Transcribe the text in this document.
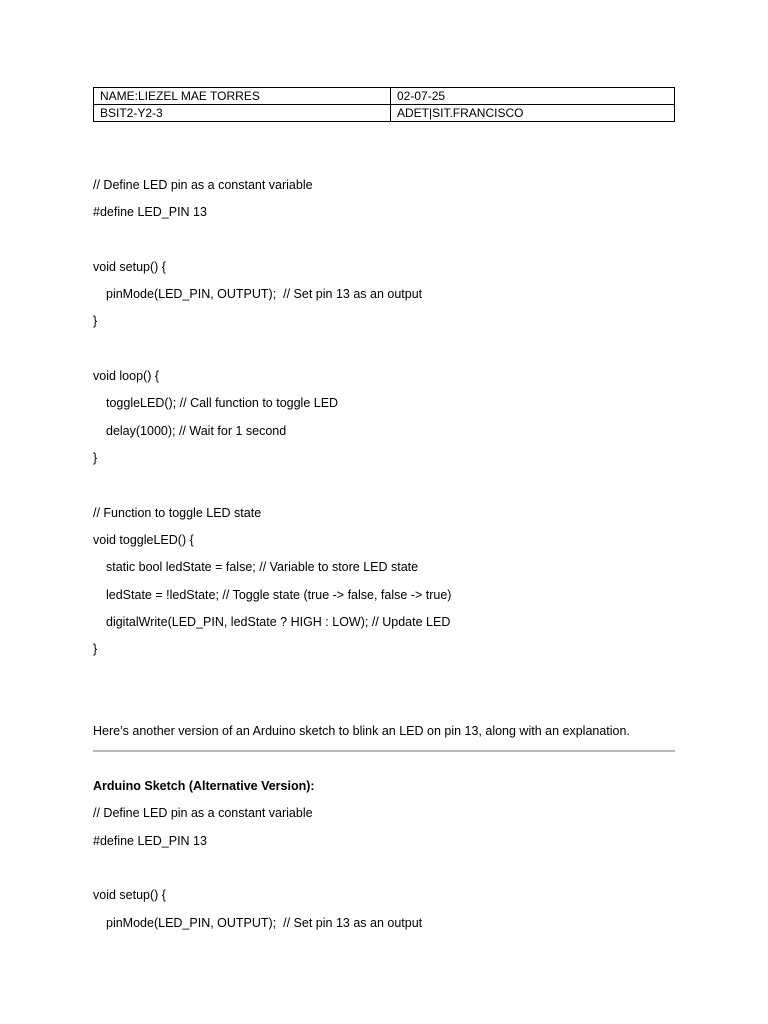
NAME:LIEZEL MAE TORRES	02-07-25
BSIT2-Y2-3	ADET|SIT.FRANCISCO
// Define LED pin as a constant variable
#define LED_PIN 13
void setup() {
pinMode(LED_PIN, OUTPUT);  // Set pin 13 as an output
}
void loop() {
toggleLED(); // Call function to toggle LED
delay(1000); // Wait for 1 second
}
// Function to toggle LED state
void toggleLED() {
static bool ledState = false; // Variable to store LED state
ledState = !ledState; // Toggle state (true -> false, false -> true)
digitalWrite(LED_PIN, ledState ? HIGH : LOW); // Update LED
}
Here’s another version of an Arduino sketch to blink an LED on pin 13, along with an explanation.
Arduino Sketch (Alternative Version):
// Define LED pin as a constant variable
#define LED_PIN 13
void setup() {
pinMode(LED_PIN, OUTPUT);  // Set pin 13 as an output
